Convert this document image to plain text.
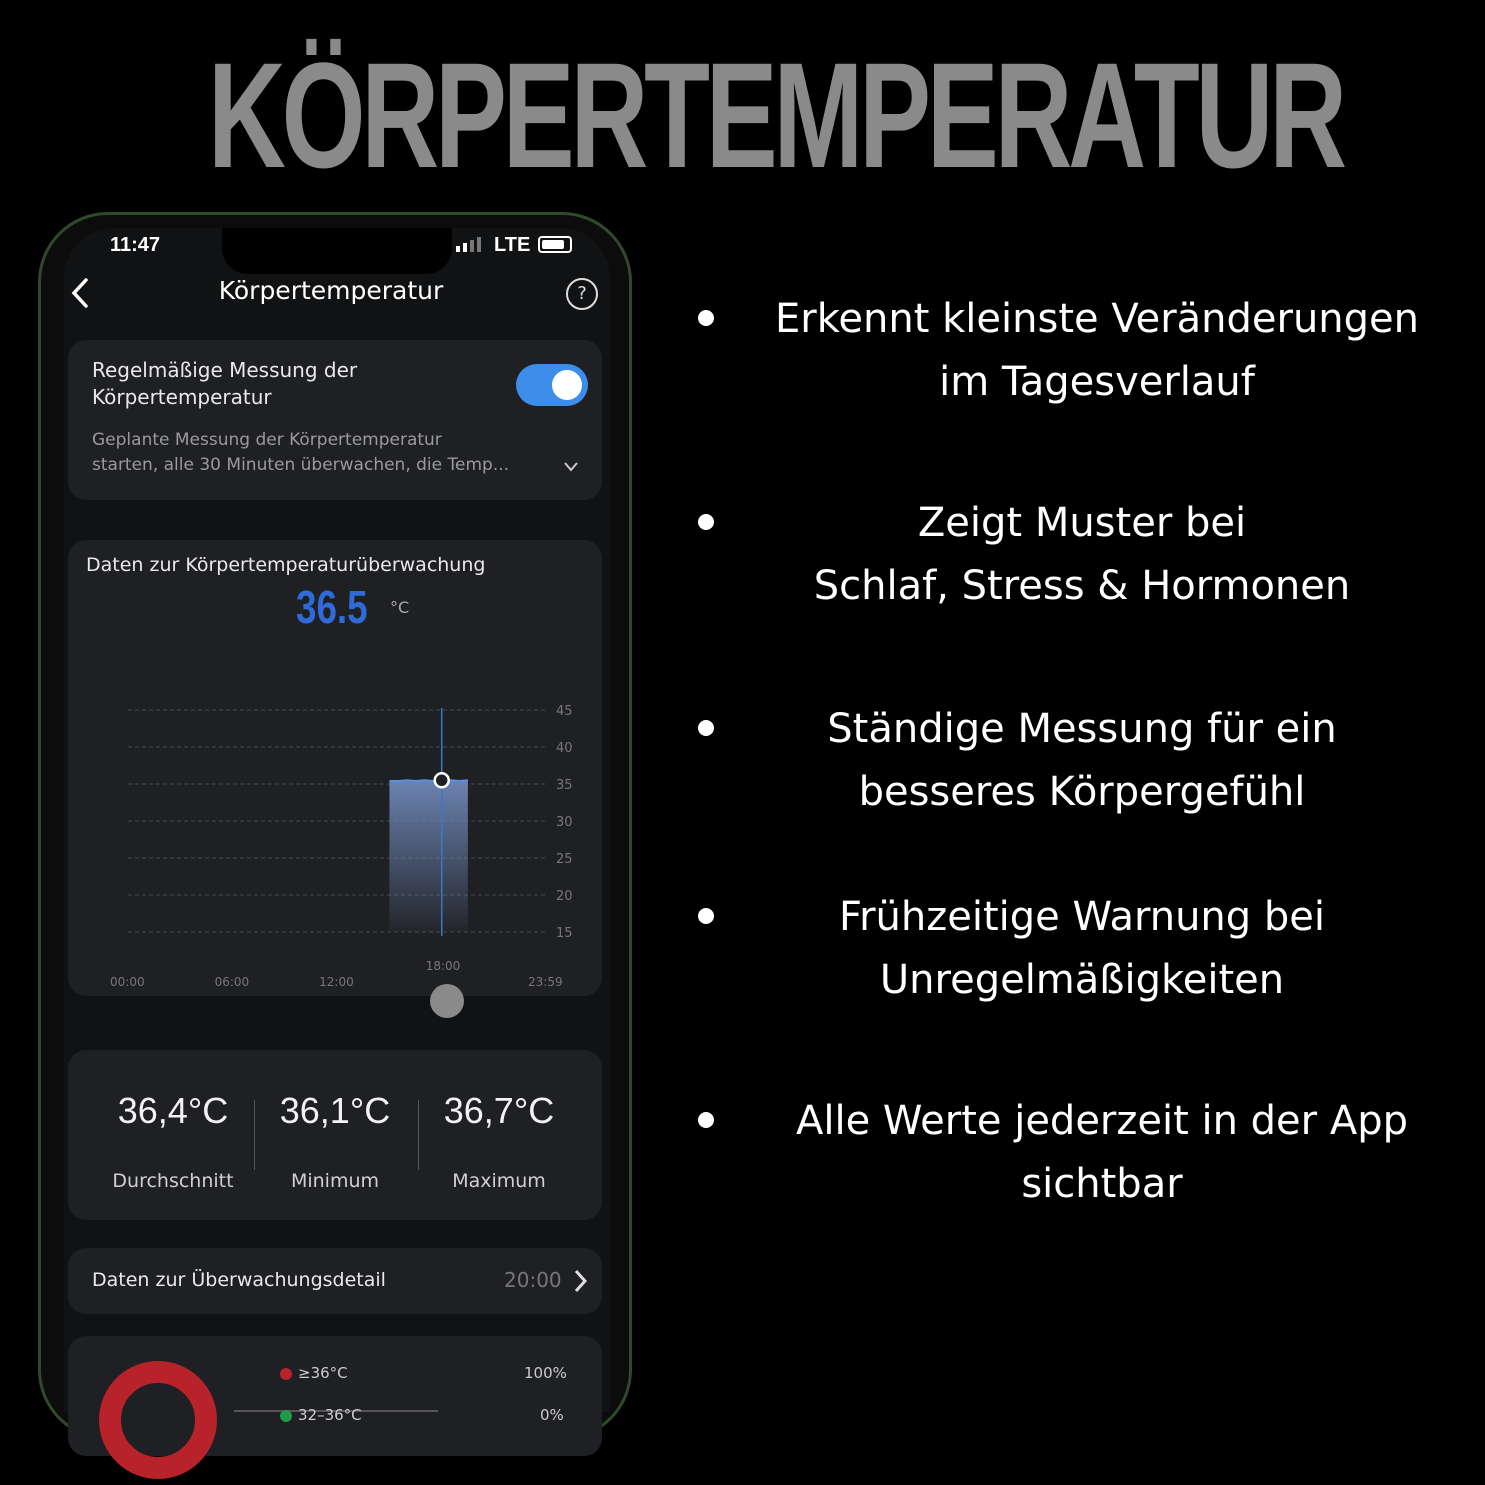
KÖRPERTEMPERATUR
11:47	LTE
Körpertemperatur	?
Regelmäßige Messung der
Körpertemperatur
Geplante Messung der Körpertemperatur
starten, alle 30 Minuten überwachen, die Temp...
Daten zur Körpertemperaturüberwachung
36.5 °C
45
40
35
30
25
20
15
18:00
00:00	06:00	12:00	23:59
36,4°C
Durchschnitt
36,1°C
Minimum
36,7°C
Maximum
Daten zur Überwachungsdetail	20:00
≥36°C	100%
32–36°C	0%
Erkennt kleinste Veränderungen
im Tagesverlauf
Zeigt Muster bei
Schlaf, Stress & Hormonen
Ständige Messung für ein
besseres Körpergefühl
Frühzeitige Warnung bei
Unregelmäßigkeiten
Alle Werte jederzeit in der App
sichtbar
